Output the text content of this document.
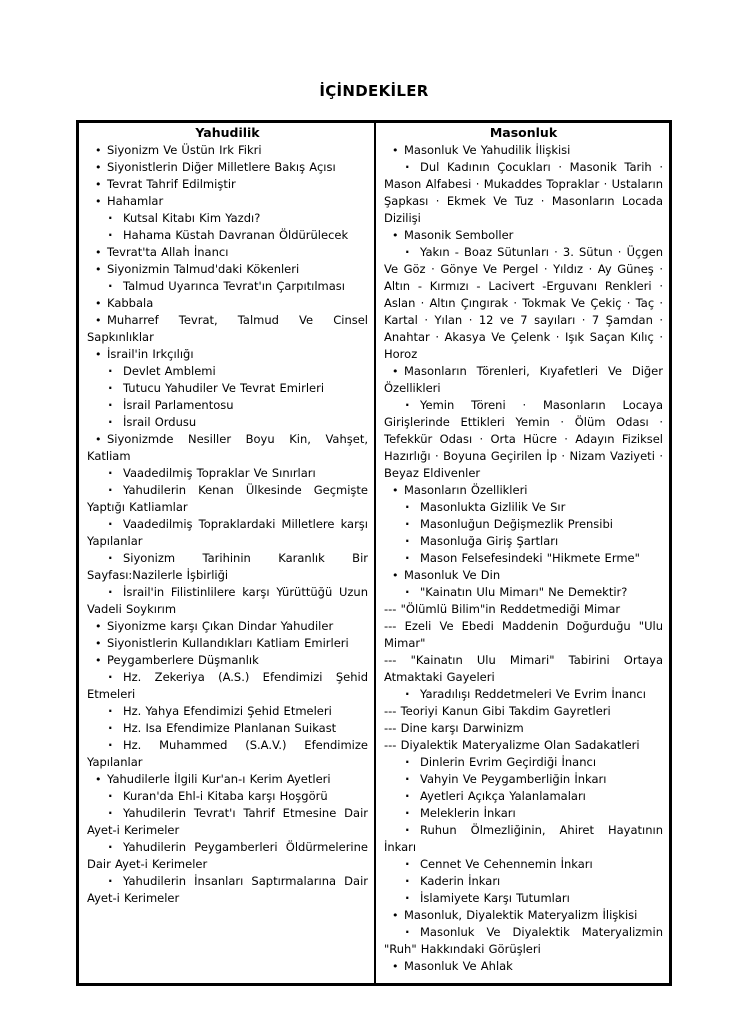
İÇİNDEKİLER

Yahudilik

• Siyonizm Ve Üstün Irk Fikri

• Siyonistlerin Diğer Milletlere Bakış Açısı

• Tevrat Tahrif Edilmiştir

• Hahamlar

· Kutsal Kitabı Kim Yazdı?

· Hahama Küstah Davranan Öldürülecek

• Tevrat'ta Allah İnancı

• Siyonizmin Talmud'daki Kökenleri

· Talmud Uyarınca Tevrat'ın Çarpıtılması

• Kabbala

• Muharref Tevrat, Talmud Ve Cinsel Sapkınlıklar

• İsrail'in Irkçılığı

· Devlet Amblemi

· Tutucu Yahudiler Ve Tevrat Emirleri

· İsrail Parlamentosu

· İsrail Ordusu

• Siyonizmde Nesiller Boyu Kin, Vahşet, Katliam

· Vaadedilmiş Topraklar Ve Sınırları

· Yahudilerin Kenan Ülkesinde Geçmişte Yaptığı Katliamlar

· Vaadedilmiş Topraklardaki Milletlere karşı Yapılanlar

· Siyonizm Tarihinin Karanlık Bir Sayfası:Nazilerle İşbirliği

· İsrail'in Filistinlilere karşı Yürüttüğü Uzun Vadeli Soykırım

• Siyonizme karşı Çıkan Dindar Yahudiler

• Siyonistlerin Kullandıkları Katliam Emirleri

• Peygamberlere Düşmanlık

· Hz. Zekeriya (A.S.) Efendimizi Şehid Etmeleri

· Hz. Yahya Efendimizi Şehid Etmeleri

· Hz. Isa Efendimize Planlanan Suikast

· Hz. Muhammed (S.A.V.) Efendimize Yapılanlar

• Yahudilerle İlgili Kur'an-ı Kerim Ayetleri

· Kuran'da Ehl-i Kitaba karşı Hoşgörü

· Yahudilerin Tevrat'ı Tahrif Etmesine Dair Ayet-i Kerimeler

· Yahudilerin Peygamberleri Öldürmelerine Dair Ayet-i Kerimeler

· Yahudilerin İnsanları Saptırmalarına Dair Ayet-i Kerimeler

Masonluk

• Masonluk Ve Yahudilik İlişkisi

· Dul Kadının Çocukları · Masonik Tarih · Mason Alfabesi · Mukaddes Topraklar · Ustaların Şapkası · Ekmek Ve Tuz · Masonların Locada Dizilişi

• Masonik Semboller

· Yakın - Boaz Sütunları · 3. Sütun · Üçgen Ve Göz · Gönye Ve Pergel · Yıldız · Ay Güneş · Altın - Kırmızı - Lacivert -Erguvanı Renkleri · Aslan · Altın Çıngırak · Tokmak Ve Çekiç · Taç · Kartal · Yılan · 12 ve 7 sayıları · 7 Şamdan · Anahtar · Akasya Ve Çelenk · Işık Saçan Kılıç · Horoz

• Masonların Törenleri, Kıyafetleri Ve Diğer Özellikleri

· Yemin Töreni · Masonların Locaya Girişlerinde Ettikleri Yemin · Ölüm Odası · Tefekkür Odası · Orta Hücre · Adayın Fiziksel Hazırlığı · Boyuna Geçirilen İp · Nizam Vaziyeti · Beyaz Eldivenler

• Masonların Özellikleri

· Masonlukta Gizlilik Ve Sır

· Masonluğun Değişmezlik Prensibi

· Masonluğa Giriş Şartları

· Mason Felsefesindeki "Hikmete Erme"

• Masonluk Ve Din

· "Kainatın Ulu Mimarı" Ne Demektir?

--- "Ölümlü Bilim"in Reddetmediği Mimar

--- Ezeli Ve Ebedi Maddenin Doğurduğu "Ulu Mimar"

--- "Kainatın Ulu Mimari" Tabirini Ortaya Atmaktaki Gayeleri

· Yaradılışı Reddetmeleri Ve Evrim İnancı

--- Teoriyi Kanun Gibi Takdim Gayretleri

--- Dine karşı Darwinizm

--- Diyalektik Materyalizme Olan Sadakatleri

· Dinlerin Evrim Geçirdiği İnancı

· Vahyin Ve Peygamberliğin İnkarı

· Ayetleri Açıkça Yalanlamaları

· Meleklerin İnkarı

· Ruhun Ölmezliğinin, Ahiret Hayatının İnkarı

· Cennet Ve Cehennemin İnkarı

· Kaderin İnkarı

· İslamiyete Karşı Tutumları

• Masonluk, Diyalektik Materyalizm İlişkisi

· Masonluk Ve Diyalektik Materyalizmin "Ruh" Hakkındaki Görüşleri

• Masonluk Ve Ahlak
